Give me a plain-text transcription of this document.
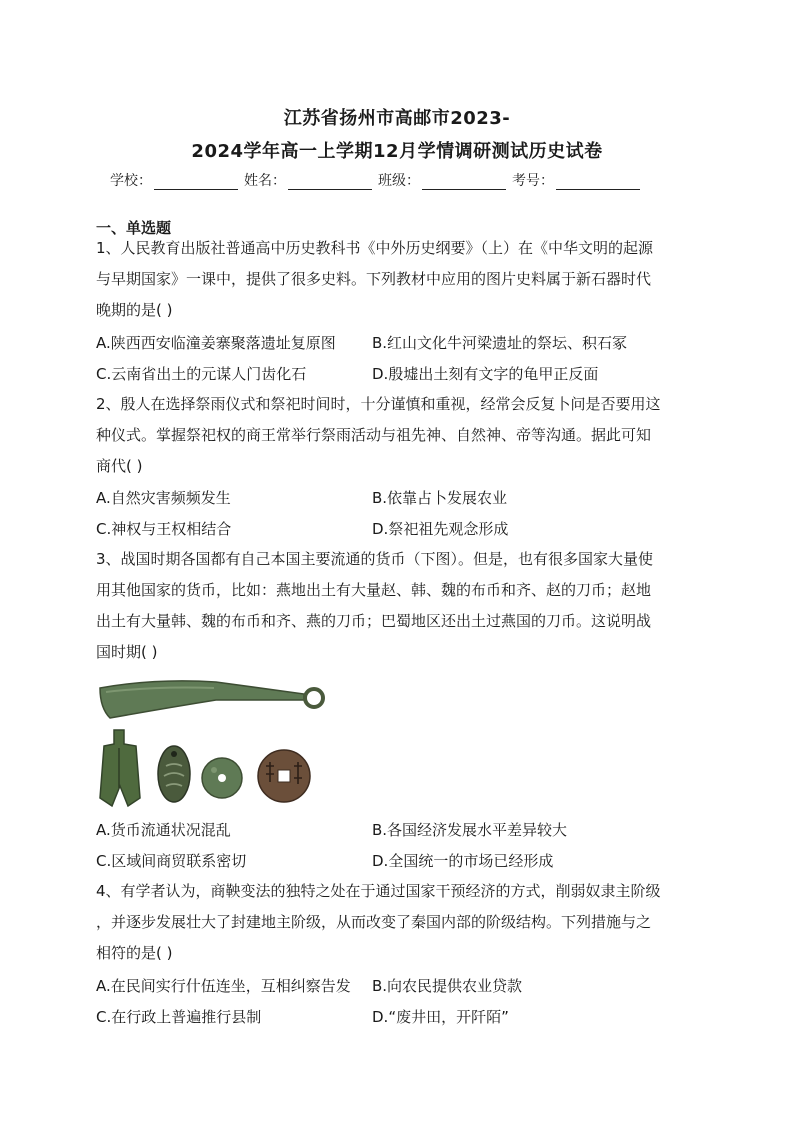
江苏省扬州市高邮市2023-
2024学年高一上学期12月学情调研测试历史试卷
学校：	姓名：	班级：	考号：
一、单选题
1、人民教育出版社普通高中历史教科书《中外历史纲要》（上）在《中华文明的起源
与早期国家》一课中，提供了很多史料。下列教材中应用的图片史料属于新石器时代
晚期的是( )
A.陕西西安临潼姜寨聚落遗址复原图 B.红山文化牛河梁遗址的祭坛、积石冢
C.云南省出土的元谋人门齿化石	D.殷墟出土刻有文字的龟甲正反面
2、殷人在选择祭雨仪式和祭祀时间时，十分谨慎和重视，经常会反复卜问是否要用这
种仪式。掌握祭祀权的商王常举行祭雨活动与祖先神、自然神、帝等沟通。据此可知
商代( )
A.自然灾害频频发生	B.依靠占卜发展农业
C.神权与王权相结合	D.祭祀祖先观念形成
3、战国时期各国都有自己本国主要流通的货币（下图）。但是，也有很多国家大量使
用其他国家的货币，比如：燕地出土有大量赵、韩、魏的布币和齐、赵的刀币；赵地
出土有大量韩、魏的布币和齐、燕的刀币；巴蜀地区还出土过燕国的刀币。这说明战
国时期( )
A.货币流通状况混乱	B.各国经济发展水平差异较大
C.区域间商贸联系密切	D.全国统一的市场已经形成
4、有学者认为，商鞅变法的独特之处在于通过国家干预经济的方式，削弱奴隶主阶级
，并逐步发展壮大了封建地主阶级，从而改变了秦国内部的阶级结构。下列措施与之
相符的是( )
A.在民间实行什伍连坐，互相纠察告发 B.向农民提供农业贷款
C.在行政上普遍推行县制	D.“废井田，开阡陌”
